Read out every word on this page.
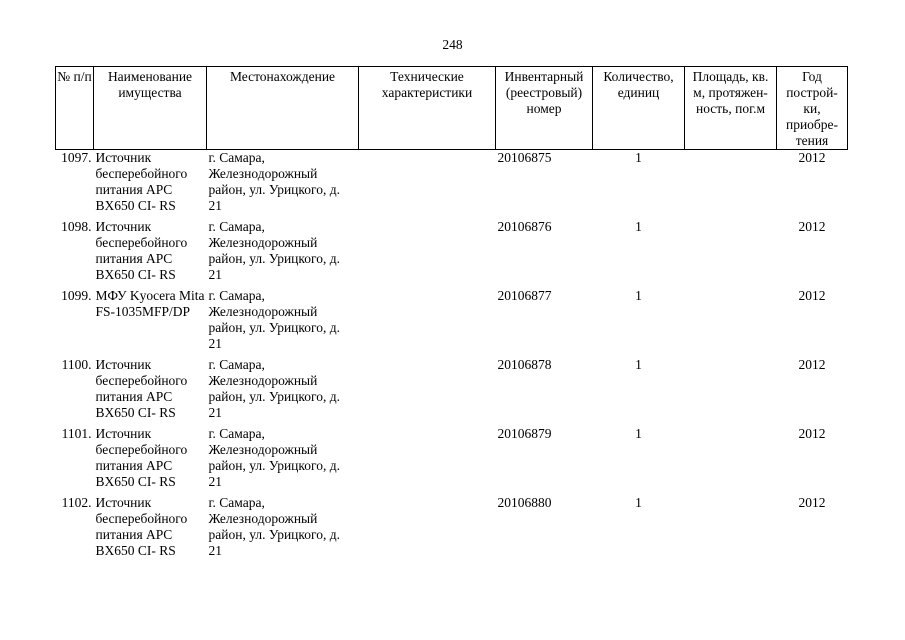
248
№ п/п	Наименование имущества	Местонахождение	Технические характеристики	Инвентарный (реестровый) номер	Количество, единиц	Площадь, кв. м, протяжен-ность, пог.м	Год построй-ки, приобре-тения
1097.	Источник бесперебойного питания APC BX650 CI- RS	г. Самара, Железнодорожный район, ул. Урицкого, д. 21		20106875	1		2012
1098.	Источник бесперебойного питания APC BX650 CI- RS	г. Самара, Железнодорожный район, ул. Урицкого, д. 21		20106876	1		2012
1099.	МФУ Kyocera Mita FS-1035MFP/DP	г. Самара, Железнодорожный район, ул. Урицкого, д. 21		20106877	1		2012
1100.	Источник бесперебойного питания APC BX650 CI- RS	г. Самара, Железнодорожный район, ул. Урицкого, д. 21		20106878	1		2012
1101.	Источник бесперебойного питания APC BX650 CI- RS	г. Самара, Железнодорожный район, ул. Урицкого, д. 21		20106879	1		2012
1102.	Источник бесперебойного питания APC BX650 CI- RS	г. Самара, Железнодорожный район, ул. Урицкого, д. 21		20106880	1		2012
